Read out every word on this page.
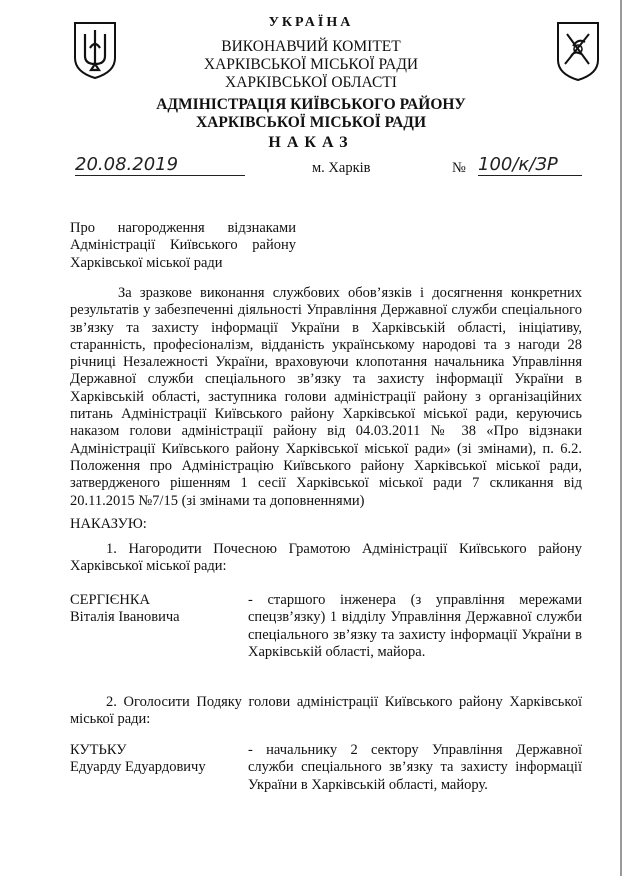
УКРАЇНА

ВИКОНАВЧИЙ КОМІТЕТ

ХАРКІВСЬКОЇ МІСЬКОЇ РАДИ

ХАРКІВСЬКОЇ ОБЛАСТІ

АДМІНІСТРАЦІЯ КИЇВСЬКОГО РАЙОНУ

ХАРКІВСЬКОЇ МІСЬКОЇ РАДИ

НАКАЗ

20.08.2019	м. Харків	№ 100/к/ЗР

Про нагородження відзнаками Адміністрації Київського району Харківської міської ради

За зразкове виконання службових обов’язків і досягнення конкретних результатів у забезпеченні діяльності Управління Державної служби спеціального зв’язку та захисту інформації України в Харківській області, ініціативу, старанність, професіоналізм, відданість українському народові та з нагоди 28 річниці Незалежності України, враховуючи клопотання начальника Управління Державної служби спеціального зв’язку та захисту інформації України в Харківській області, заступника голови адміністрації району з організаційних питань Адміністрації Київського району Харківської міської ради, керуючись наказом голови адміністрації району від 04.03.2011 № 38 «Про відзнаки Адміністрації Київського району Харківської міської ради» (зі змінами), п. 6.2. Положення про Адміністрацію Київського району Харківської міської ради, затвердженого рішенням 1 сесії Харківської міської ради 7 скликання від 20.11.2015 №7/15 (зі змінами та доповненнями)

НАКАЗУЮ:

1. Нагородити Почесною Грамотою Адміністрації Київського району Харківської міської ради:

СЕРГІЄНКА
Віталія Івановича

- старшого інженера (з управління мережами спецзв’язку) 1 відділу Управління Державної служби спеціального зв’язку та захисту інформації України в Харківській області, майора.

2. Оголосити Подяку голови адміністрації Київського району Харківської міської ради:

КУТЬКУ
Едуарду Едуардовичу

- начальнику 2 сектору Управління Державної служби спеціального зв’язку та захисту інформації України в Харківській області, майору.
